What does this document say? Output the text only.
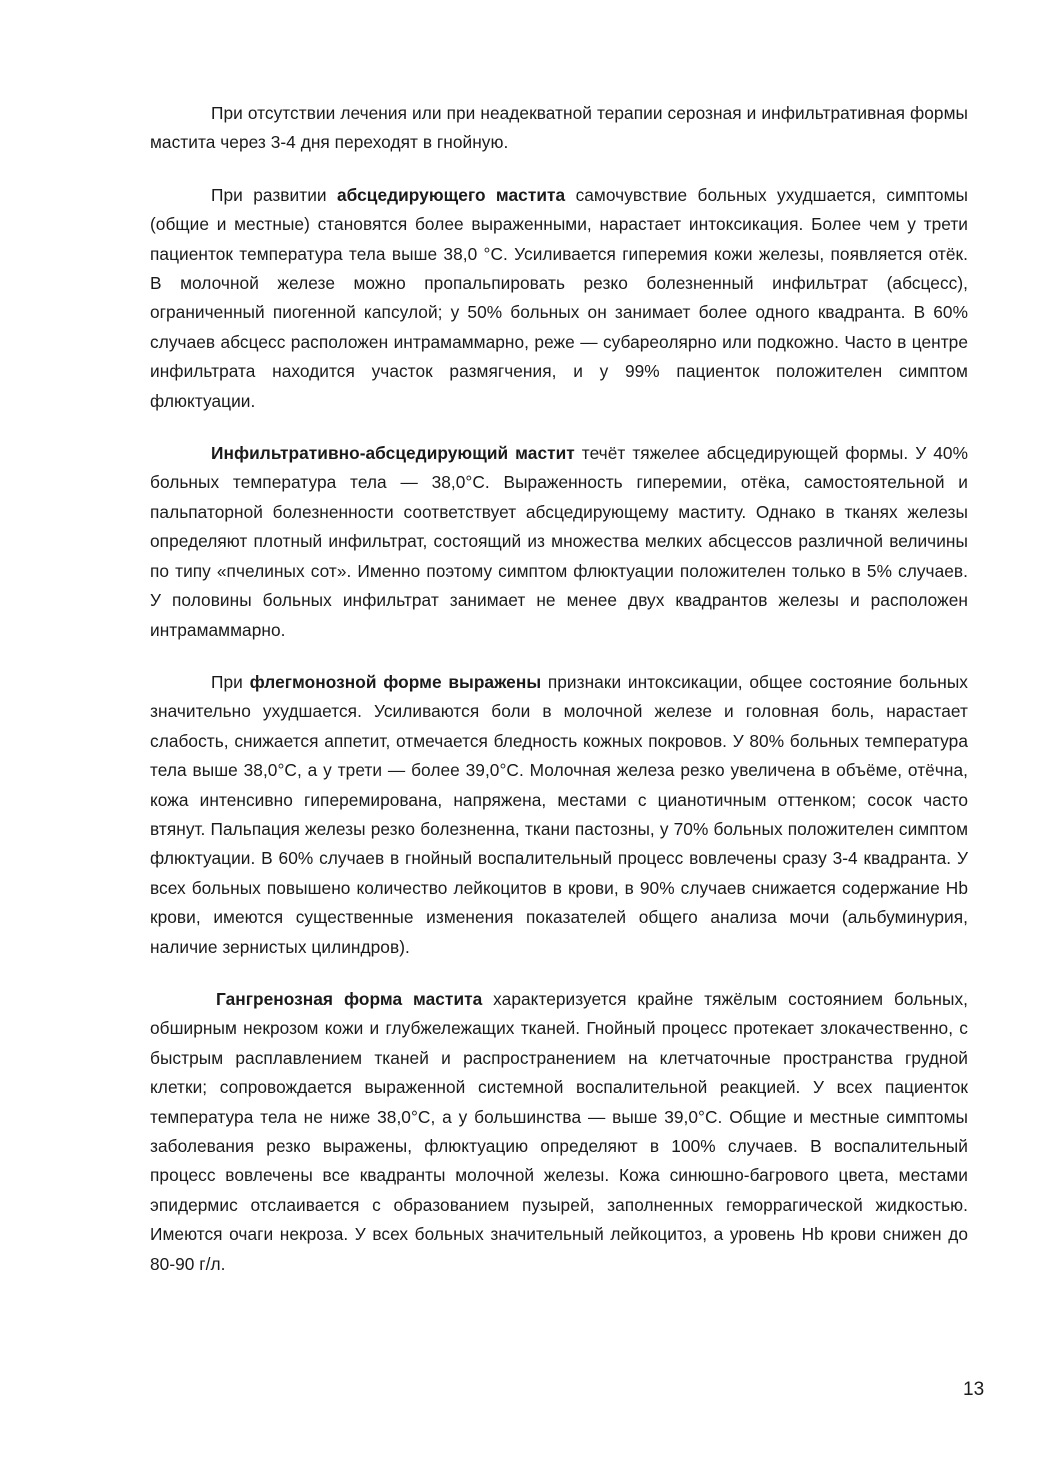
При отсутствии лечения или при неадекватной терапии серозная и инфильтративная формы мастита через 3-4 дня переходят в гнойную.

При развитии абсцедирующего мастита самочувствие больных ухудшается, симптомы (общие и местные) становятся более выраженными, нарастает интоксикация. Более чем у трети пациенток температура тела выше 38,0 °С. Усиливается гиперемия кожи железы, появляется отёк. В молочной железе можно пропальпировать резко болезненный инфильтрат (абсцесс), ограниченный пиогенной капсулой; у 50% больных он занимает более одного квадранта. В 60% случаев абсцесс расположен интрамаммарно, реже — субареолярно или подкожно. Часто в центре инфильтрата находится участок размягчения, и у 99% пациенток положителен симптом флюктуации.

Инфильтративно-абсцедирующий мастит течёт тяжелее абсцедирующей формы. У 40% больных температура тела — 38,0°С. Выраженность гиперемии, отёка, самостоятельной и пальпаторной болезненности соответствует абсцедирующему маститу. Однако в тканях железы определяют плотный инфильтрат, состоящий из множества мелких абсцессов различной величины по типу «пчелиных сот». Именно поэтому симптом флюктуации положителен только в 5% случаев. У половины больных инфильтрат занимает не менее двух квадрантов железы и расположен интрамаммарно.

При флегмонозной форме выражены признаки интоксикации, общее состояние больных значительно ухудшается. Усиливаются боли в молочной железе и головная боль, нарастает слабость, снижается аппетит, отмечается бледность кожных покровов. У 80% больных температура тела выше 38,0°С, а у трети — более 39,0°С. Молочная железа резко увеличена в объёме, отёчна, кожа интенсивно гиперемирована, напряжена, местами с цианотичным оттенком; сосок часто втянут. Пальпация железы резко болезненна, ткани пастозны, у 70% больных положителен симптом флюктуации. В 60% случаев в гнойный воспалительный процесс вовлечены сразу 3-4 квадранта. У всех больных повышено количество лейкоцитов в крови, в 90% случаев снижается содержание Нb крови, имеются существенные изменения показателей общего анализа мочи (альбуминурия, наличие зернистых цилиндров).

Гангренозная форма мастита характеризуется крайне тяжёлым состоянием больных, обширным некрозом кожи и глубжележащих тканей. Гнойный процесс протекает злокачественно, с быстрым расплавлением тканей и распространением на клетчаточные пространства грудной клетки; сопровождается выраженной системной воспалительной реакцией. У всех пациенток температура тела не ниже 38,0°С, а у большинства — выше 39,0°С. Общие и местные симптомы заболевания резко выражены, флюктуацию определяют в 100% случаев. В воспалительный процесс вовлечены все квадранты молочной железы. Кожа синюшно-багрового цвета, местами эпидермис отслаивается с образованием пузырей, заполненных геморрагической жидкостью. Имеются очаги некроза. У всех больных значительный лейкоцитоз, а уровень Нb крови снижен до 80-90 г/л.

13
